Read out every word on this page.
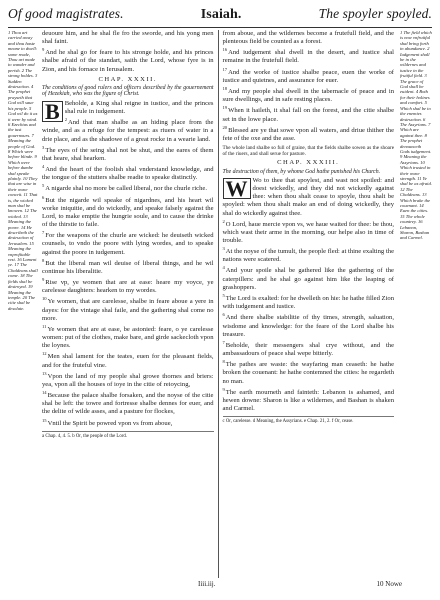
Of good magistrates.	Isaiah.	The spoyler spoyled.
1 Thou art carried away and thou haste meane to dwell: some reade, Thou art made to wander and perish. 2 The strong holdes. 3 Sudden destruction. 4 The prophet prayseth that God will saue his people. 5 God wil do it as it were by wind. 6 Ezechias and the iust gouernours. 7 Meaning the people of God. 8 Which were before blinde. 9 Which were before dumbe shal speake plainly. 10 They that are wise in their owne conceit. 11 That is, the wicked man shal be knowen. 12 The wicked. 13 Meaning the poore. 14 He describeth the destruction of Jerusalem. 15 Meaning the vnprofitable rest. 16 Lament ye. 17 The Chaldeans shall come. 18 The fields shal be destroyed. 19 Meaning the temple. 20 The citie shal be desolate.

deuoure him, and he shal fle fro the sworde, and his yong men shal faint.

$^9$And he shal go for feare to his stronge holde, and his princes shalbe afraid of the standart, saith the Lord, whose fyre is in Zion, and his fornace in Ierusalem.

CHAP. XXXII.
The conditions of good rulers and officers described by the gouernement of Hezekiah, who was the figure of Christ.

B Beholde, a King shal reigne in iustice, and the princes shal rule in iudgement.

$^2$And that man shalbe as an hiding place from the winde, and as a refuge for the tempest: as riuers of water in a drie place, and as the shadowe of a great rocke in a wearie land.

$^3$The eyes of the seing shal not be shut, and the eares of them that heare, shal hearken.

$^4$And the heart of the foolish shal vnderstand knowledge, and the tongue of the stutters shalbe readie to speake distinctly.

$^5$A nigarde shal no more be called liberal, nor the churle riche.

$^6$But the nigarde wil speake of nigardnes, and his heart wil worke iniquitie, and do wickedly, and speake falsely against the Lord, to make emptie the hungrie soule, and to cause the drinke of the thirstie to faile.

$^7$For the weapons of the churle are wicked: he deuiseth wicked counsels, to vndo the poore with lying wordes, and to speake against the poore in iudgement.

$^8$But the liberal man wil deuise of liberal things, and he wil continue his liberalitie.

$^9$Rise vp, ye women that are at ease: heare my voyce, ye carelesse daughters: hearken to my wordes.

$^{10}$Ye women, that are carelesse, shalbe in feare aboue a yere in dayes: for the vintage shal faile, and the gathering shal come no more.

$^{11}$Ye women that are at ease, be astonied: feare, o ye carelesse women: put of the clothes, make bare, and girde sackecloth vpon the loynes.

$^{12}$Men shal lament for the teates, euen for the pleasant fields, and for the fruteful vine.

$^{13}$Vpon the land of my people shal growe thornes and briers: yea, vpon all the houses of ioye in the citie of reioycing,

$^{14}$Because the palace shalbe forsaken, and the noyse of the citie shal be left: the towre and fortresse shalbe dennes for euer, and the delite of wilde asses, and a pasture for flockes,

$^{15}$Vntil the Spirit be powred vpon vs from aboue,

a Chap. 4, 4. 5. b Or, the people of the Lord.

from aboue, and the wildernes become a frutefull field, and the plenteous field be counted as a forest.

$^{16}$And iudgement shal dwell in the desert, and iustice shal remaine in the frutefull field.

$^{17}$And the worke of iustice shalbe peace, euen the worke of iustice and quietnes, and assurance for euer.

$^{18}$And my people shal dwell in the tabernacle of peace and in sure dwellings, and in safe resting places.

$^{19}$When it haileth, it shal fall on the forest, and the citie shalbe set in the lowe place.

$^{20}$Blessed are ye that sowe vpon all waters, and driue thither the fete of the oxe and the asse.

The whole land shalbe so full of graine, that the fields shalbe sowen as the shoare of the riuers, and shall serue for pasture.
CHAP. XXXIII.
The destruction of them, by whome God hathe punished his Church.

W Wo to thee that spoylest, and wast not spoiled: and doest wickedly, and they did not wickedly against thee: when thou shalt cease to spoyle, thou shalt be spoyled: when thou shalt make an end of doing wickedly, they shal do wickedly against thee.

$^2$O Lord, haue mercie vpon vs, we haue waited for thee: be thou, which wast their arme in the morning, our helpe also in time of trouble.

$^3$At the noyse of the tumult, the people fled: at thine exalting the nations were scatered.

$^4$And your spoile shal be gathered like the gathering of the caterpillers: and he shal go against him like the leaping of grashoppers.

$^5$The Lord is exalted: for he dwelleth on hie: he hathe filled Zion with iudgement and iustice.

$^6$And there shalbe stabilitie of thy times, strength, saluation, wisdome and knowledge: for the feare of the Lord shalbe his treasure.

$^7$Beholde, their messengers shal crye without, and the ambassadours of peace shal wepe bitterly.

$^8$The pathes are waste: the wayfaring man ceaseth: he hathe broken the couenant: he hathe contemned the cities: he regardeth no man.

$^9$The earth mourneth and fainteth: Lebanon is ashamed, and hewen downe: Sharon is like a wildernes, and Bashan is shaken and Carmel.

c Or, carelesse. d Meaning, the Assyrians. e Chap. 21, 2. f Or, cease.
1 The field which is now vnfruitful shal bring forth in abundance. 2 Iudgement shall be in the wildernes and iustice in the fruitful field. 3 The grace of God shall be euident. 4 Both for their holines and comfort. 5 Which shal be to the enemies destruction. 6 The Assyrians. 7 Which are against thee. 8 The prophet denounceth Gods iudgement. 9 Meaning the Assyrians. 10 Which trusted in their owne strength. 11 Ye shal be as afraid. 12 The Chaldeans. 13 Which brake the couenant. 14 Euen the cities. 15 The whole countrey. 16 Lebanon, Sharon, Bashan and Carmel.
Iiii.iij.	10 Nowe
